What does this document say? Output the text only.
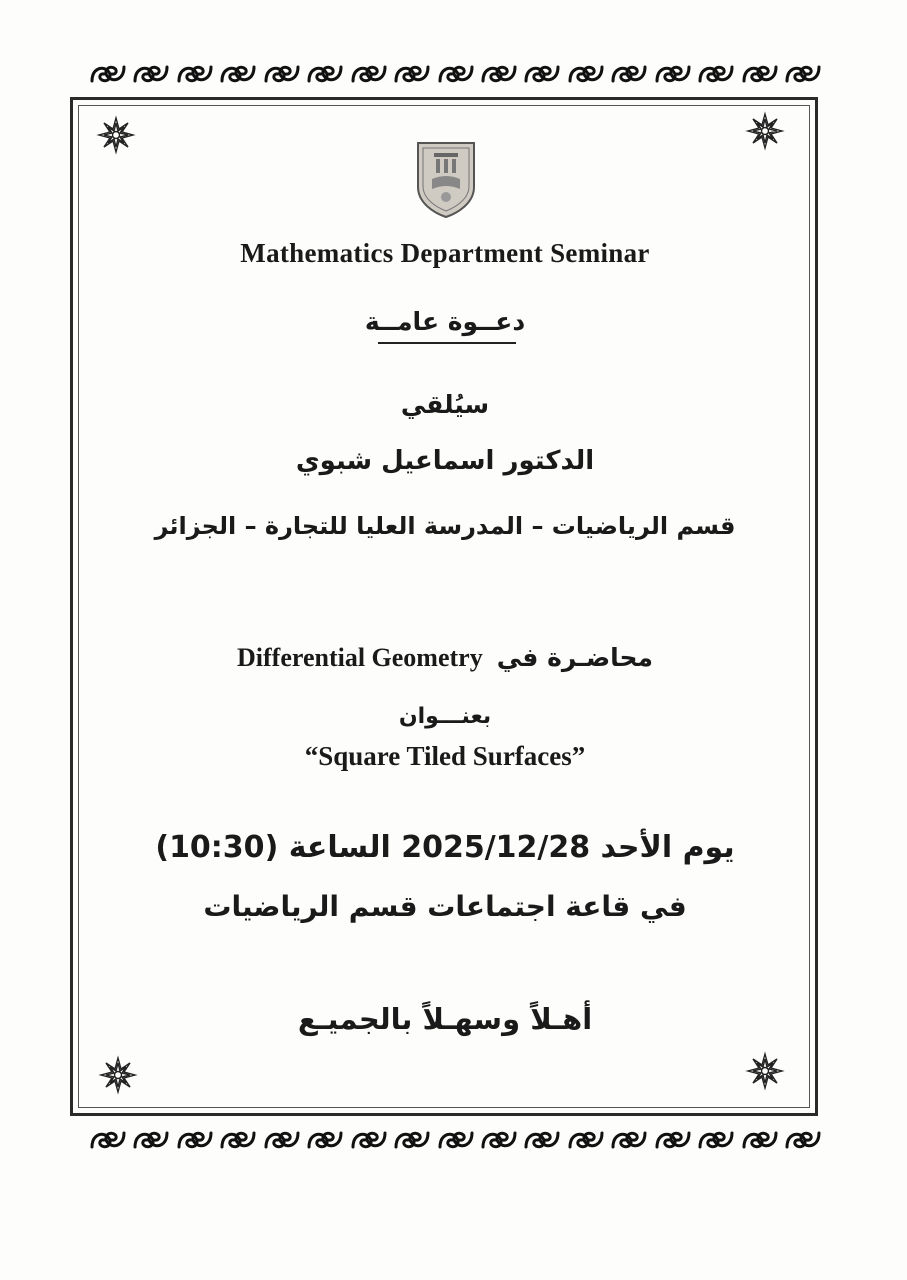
Mathematics Department Seminar

دعــوة عامــة

سيُلقي

الدكتور اسماعيل شبوي

قسم الرياضيات – المدرسة العليا للتجارة – الجزائر

Differential Geometry محاضـرة في

بعنـــوان

“Square Tiled Surfaces”

يوم الأحد 2025/12/28 الساعة (10:30)

في قاعة اجتماعات قسم الرياضيات

أهـلاً وسهـلاً بالجميـع
